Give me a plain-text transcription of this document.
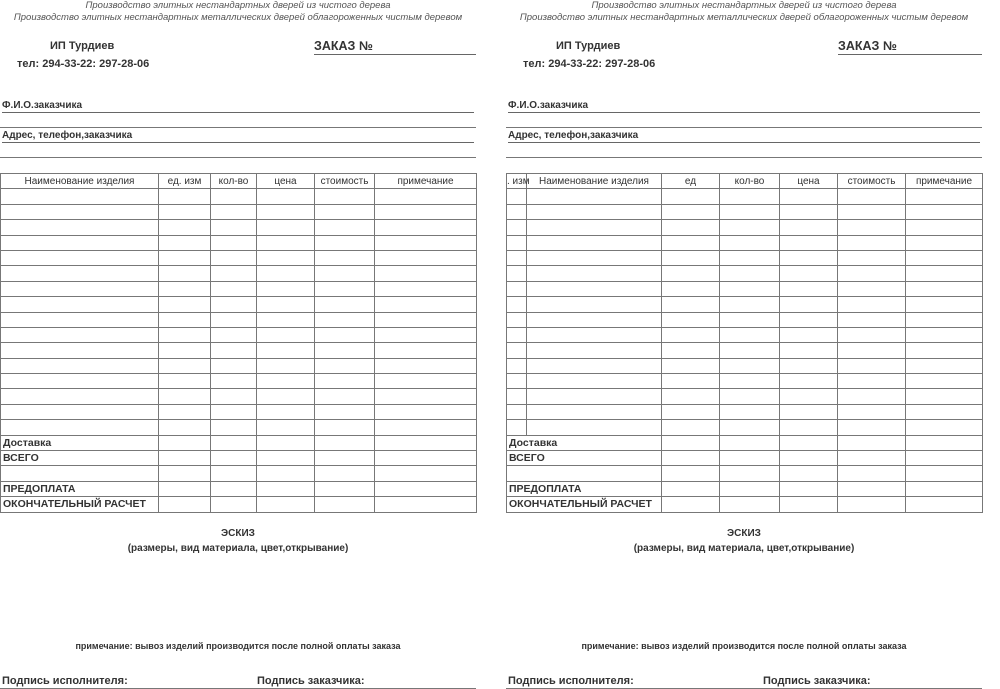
Производство элитных нестандартных дверей из чистого дерева
Производство элитных нестандартных металлических дверей облагороженных чистым деревом
ИП Турдиев
тел: 294-33-22: 297-28-06
ЗАКАЗ №
Ф.И.О.заказчика
Адрес, телефон,заказчика
Наименование изделия	ед. изм	кол-во	цена	стоимость	примечание

Доставка					
ВСЕГО					

ПРЕДОПЛАТА					
ОКОНЧАТЕЛЬНЫЙ РАСЧЕТ					
ЭСКИЗ
(размеры, вид материала, цвет,открывание)
примечание: вывоз изделий производится после полной оплаты заказа
Подпись исполнителя:	Подпись заказчика:
Производство элитных нестандартных дверей из чистого дерева
Производство элитных нестандартных металлических дверей облагороженных чистым деревом
ИП Турдиев
тел: 294-33-22: 297-28-06
ЗАКАЗ №
Ф.И.О.заказчика
Адрес, телефон,заказчика
. изм	Наименование изделия	ед	кол-во	цена	стоимость	примечание

Доставка						
ВСЕГО						

ПРЕДОПЛАТА						
ОКОНЧАТЕЛЬНЫЙ РАСЧЕТ						
ЭСКИЗ
(размеры, вид материала, цвет,открывание)
примечание: вывоз изделий производится после полной оплаты заказа
Подпись исполнителя:	Подпись заказчика:
